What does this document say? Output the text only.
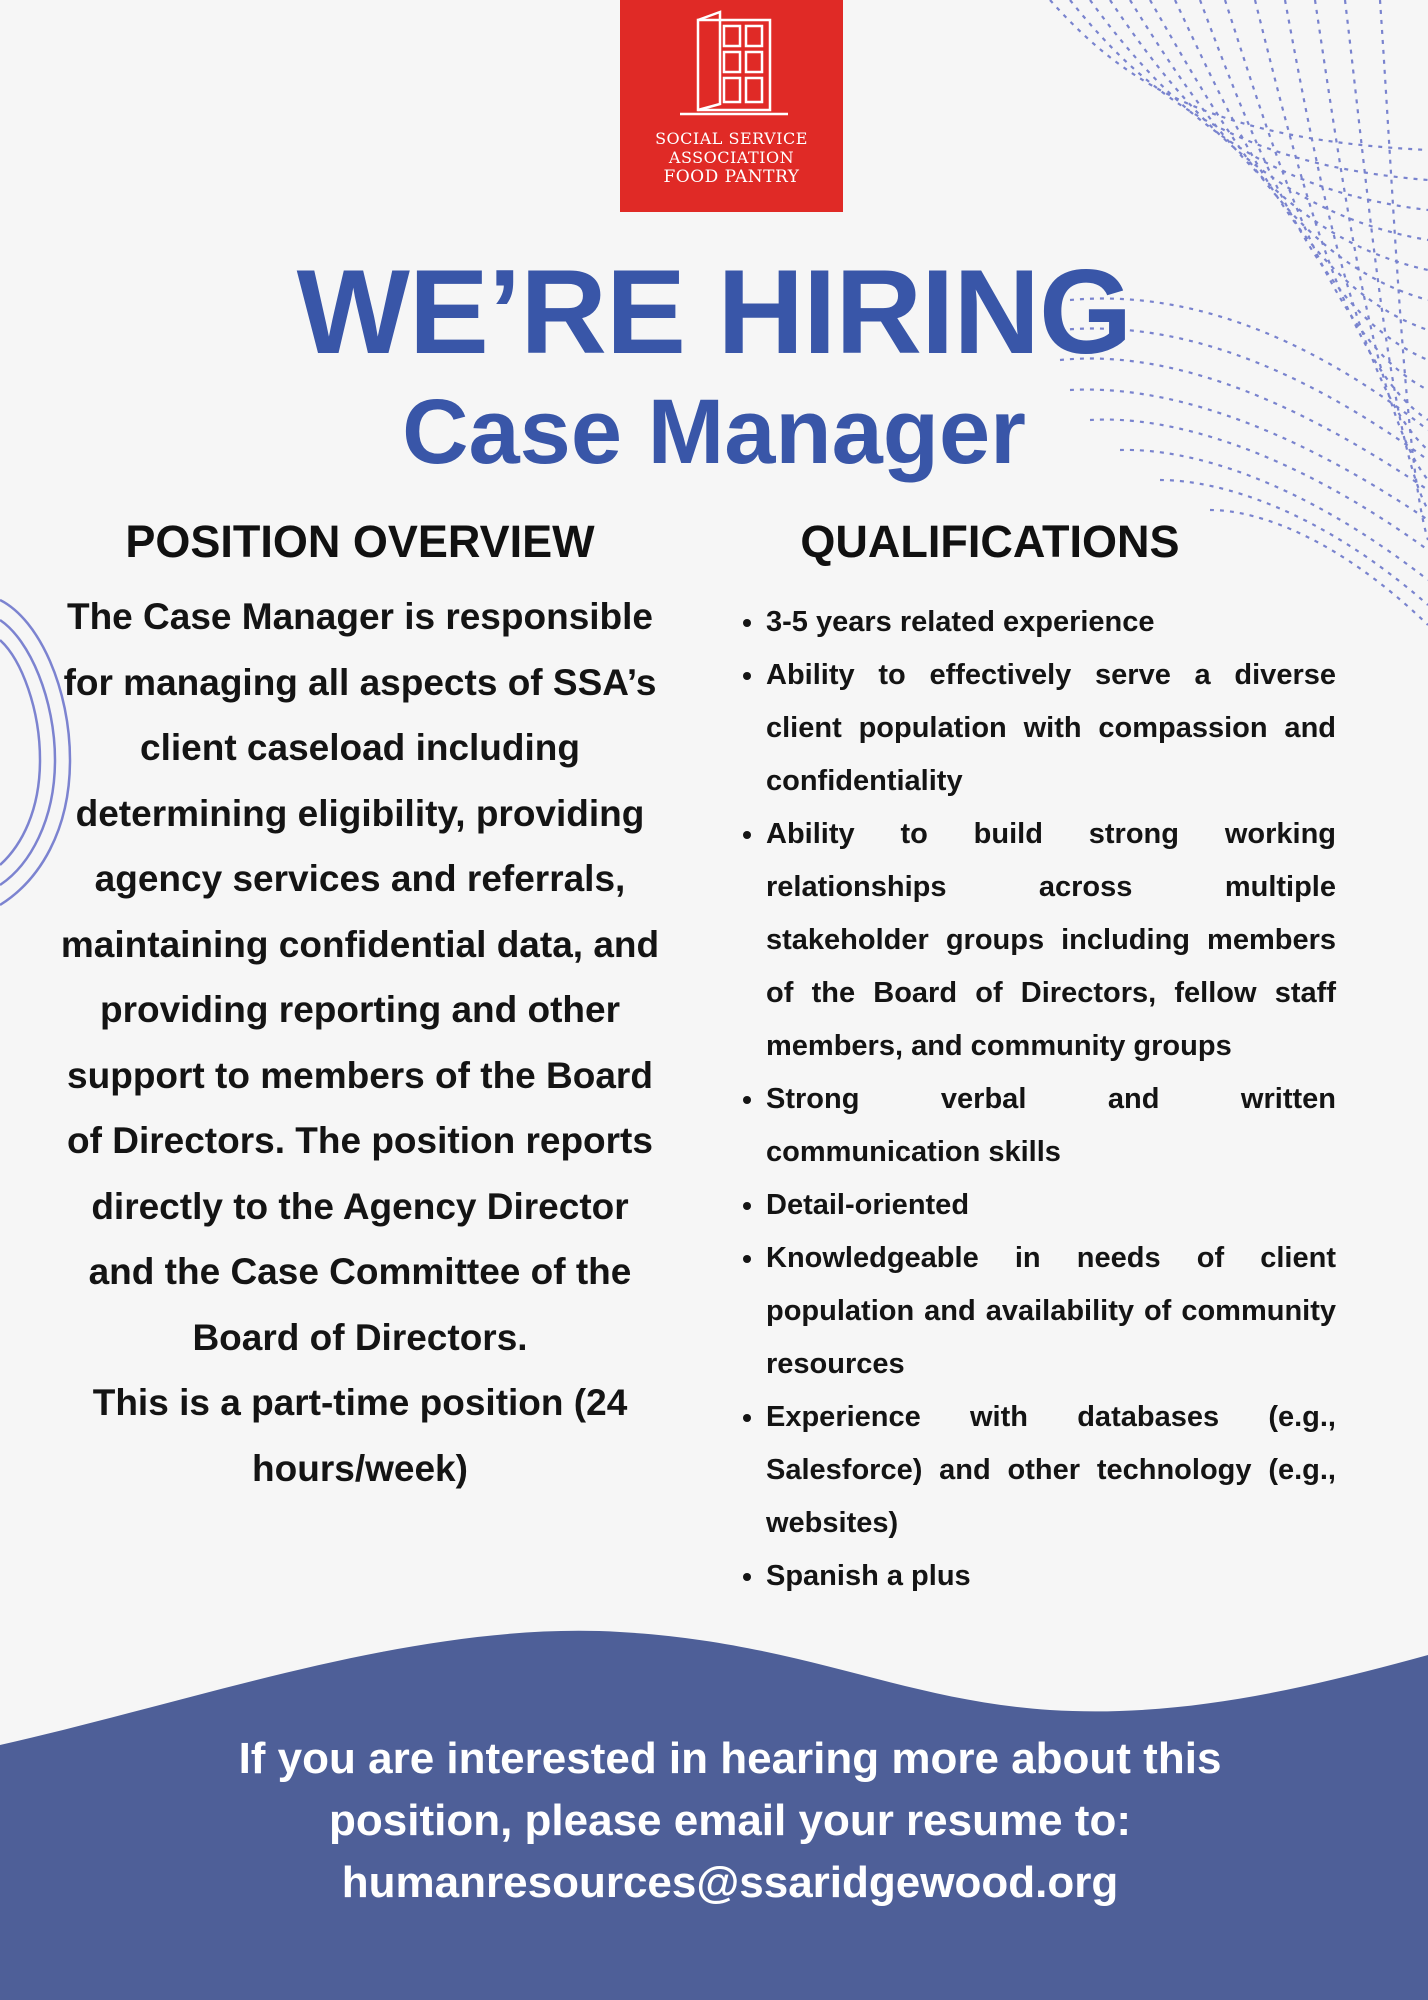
SOCIAL SERVICE
ASSOCIATION
FOOD PANTRY
WE’RE HIRING
Case Manager
POSITION OVERVIEW	QUALIFICATIONS

The Case Manager is responsible for managing all aspects of SSA’s client caseload including determining eligibility, providing agency services and referrals, maintaining confidential data, and providing reporting and other support to members of the Board of Directors. The position reports directly to the Agency Director and the Case Committee of the Board of Directors.

This is a part-time position (24 hours/week)

• 3-5 years related experience
• Ability to effectively serve a diverse client population with compassion and confidentiality
• Ability to build strong working relationships across multiple stakeholder groups including members of the Board of Directors, fellow staff members, and community groups
• Strong verbal and written communication skills
• Detail-oriented
• Knowledgeable in needs of client population and availability of community resources
• Experience with databases (e.g., Salesforce) and other technology (e.g., websites)
• Spanish a plus
If you are interested in hearing more about this
position, please email your resume to:
humanresources@ssaridgewood.org
